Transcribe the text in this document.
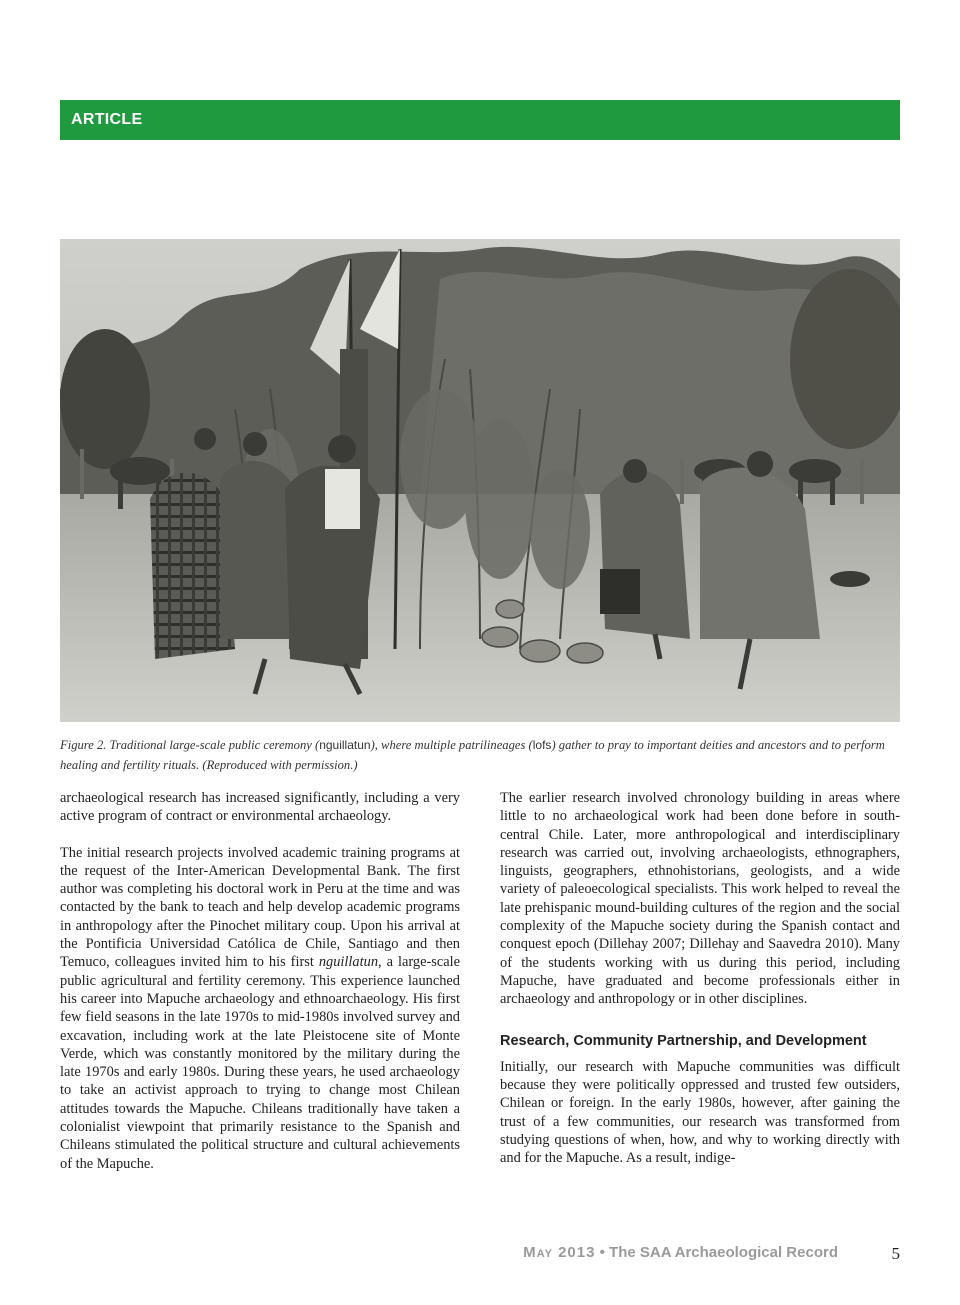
ARTICLE
Figure 2. Traditional large-scale public ceremony (nguillatun), where multiple patrilineages (lofs) gather to pray to important deities and ancestors and to perform healing and fertility rituals. (Reproduced with permission.)

archaeological research has increased significantly, including a very active program of contract or environmental archaeology.

The initial research projects involved academic training programs at the request of the Inter-American Developmental Bank. The first author was completing his doctoral work in Peru at the time and was contacted by the bank to teach and help develop academic programs in anthropology after the Pinochet military coup. Upon his arrival at the Pontificia Universidad Católica de Chile, Santiago and then Temuco, colleagues invited him to his first nguillatun, a large-scale public agricultural and fertility ceremony. This experience launched his career into Mapuche archaeology and ethnoarchaeology. His first few field seasons in the late 1970s to mid-1980s involved survey and excavation, including work at the late Pleistocene site of Monte Verde, which was constantly monitored by the military during the late 1970s and early 1980s. During these years, he used archaeology to take an activist approach to trying to change most Chilean attitudes towards the Mapuche. Chileans traditionally have taken a colonialist viewpoint that primarily resistance to the Spanish and Chileans stimulated the political structure and cultural achievements of the Mapuche.

The earlier research involved chronology building in areas where little to no archaeological work had been done before in south-central Chile. Later, more anthropological and interdisciplinary research was carried out, involving archaeologists, ethnographers, linguists, geographers, ethnohistorians, geologists, and a wide variety of paleoecological specialists. This work helped to reveal the late prehispanic mound-building cultures of the region and the social complexity of the Mapuche society during the Spanish contact and conquest epoch (Dillehay 2007; Dillehay and Saavedra 2010). Many of the students working with us during this period, including Mapuche, have graduated and become professionals either in archaeology and anthropology or in other disciplines.

Research, Community Partnership, and Development

Initially, our research with Mapuche communities was difficult because they were politically oppressed and trusted few outsiders, Chilean or foreign. In the early 1980s, however, after gaining the trust of a few communities, our research was transformed from studying questions of when, how, and why to working directly with and for the Mapuche. As a result, indige-

May 2013 • The SAA Archaeological Record	5
